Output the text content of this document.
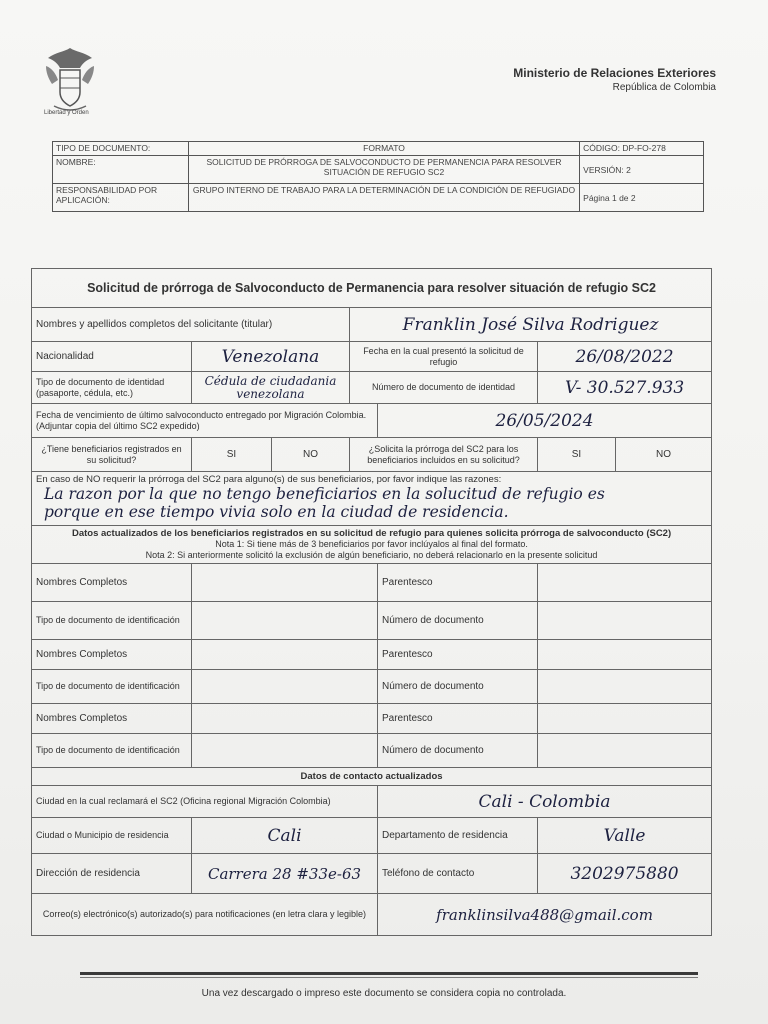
Libertad y Orden
Ministerio de Relaciones Exteriores
República de Colombia
TIPO DE DOCUMENTO:	FORMATO	CÓDIGO: DP-FO-278
NOMBRE:	SOLICITUD DE PRÓRROGA DE SALVOCONDUCTO DE PERMANENCIA PARA RESOLVER SITUACIÓN DE REFUGIO SC2	VERSIÓN: 2
RESPONSABILIDAD POR APLICACIÓN:	GRUPO INTERNO DE TRABAJO PARA LA DETERMINACIÓN DE LA CONDICIÓN DE REFUGIADO	Página 1 de 2
Solicitud de prórroga de Salvoconducto de Permanencia para resolver situación de refugio SC2						
Nombres y apellidos completos del solicitante (titular)			Franklin José Silva Rodriguez			
Nacionalidad	Venezolana		Fecha en la cual presentó la solicitud de refugio		26/08/2022	
Tipo de documento de identidad (pasaporte, cédula, etc.)	Cédula de ciudadania venezolana		Número de documento de identidad		V- 30.527.933	
Fecha de vencimiento de último salvoconducto entregado por Migración Colombia. (Adjuntar copia del último SC2 expedido)				26/05/2024		
¿Tiene beneficiarios registrados en su solicitud?	SI	NO	¿Solicita la prórroga del SC2 para los beneficiarios incluidos en su solicitud?		SI	NO

En caso de NO requerir la prórroga del SC2 para alguno(s) de sus beneficiarios, por favor indique las razones:
La razon por la que no tengo beneficiarios en la solucitud de refugio es
porque en ese tiempo vivia solo en la ciudad de residencia.						

Datos actualizados de los beneficiarios registrados en su solicitud de refugio para quienes solicita prórroga de salvoconducto (SC2)
Nota 1: Si tiene más de 3 beneficiarios por favor inclúyalos al final del formato.
Nota 2: Si anteriormente solicitó la exclusión de algún beneficiario, no deberá relacionarlo en la presente solicitud						

Nombres Completos				Parentesco		
Tipo de documento de identificación				Número de documento		
Nombres Completos				Parentesco		
Tipo de documento de identificación				Número de documento		
Nombres Completos				Parentesco		
Tipo de documento de identificación				Número de documento		
Datos de contacto actualizados						
Ciudad en la cual reclamará el SC2 (Oficina regional Migración Colombia)				Cali - Colombia		
Ciudad o Municipio de residencia	Cali			Departamento de residencia	Valle	
Dirección de residencia	Carrera 28 #33e-63			Teléfono de contacto	3202975880	
Correo(s) electrónico(s) autorizado(s) para notificaciones (en letra clara y legible)				franklinsilva488@gmail.com		
Una vez descargado o impreso este documento se considera copia no controlada.
